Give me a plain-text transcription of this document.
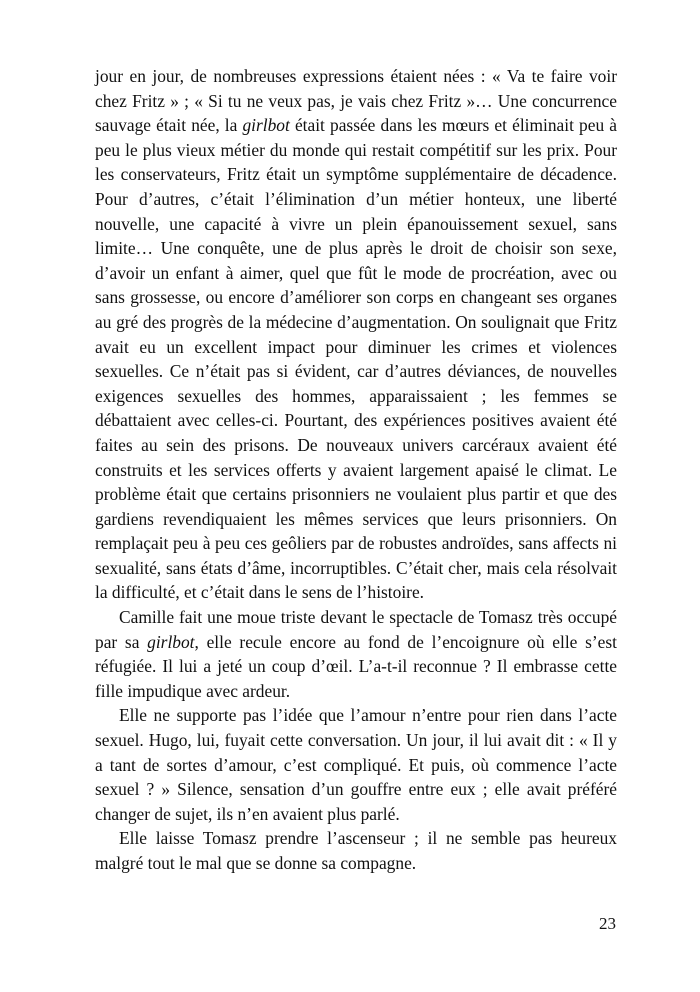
jour en jour, de nombreuses expressions étaient nées : « Va te faire voir chez Fritz » ; « Si tu ne veux pas, je vais chez Fritz »… Une concurrence sauvage était née, la girlbot était passée dans les mœurs et éliminait peu à peu le plus vieux métier du monde qui restait compétitif sur les prix. Pour les conservateurs, Fritz était un symptôme supplémentaire de décadence. Pour d’autres, c’était l’élimination d’un métier honteux, une liberté nouvelle, une capacité à vivre un plein épanouissement sexuel, sans limite… Une conquête, une de plus après le droit de choisir son sexe, d’avoir un enfant à aimer, quel que fût le mode de procréation, avec ou sans grossesse, ou encore d’améliorer son corps en changeant ses organes au gré des progrès de la médecine d’augmentation. On soulignait que Fritz avait eu un excellent impact pour diminuer les crimes et violences sexuelles. Ce n’était pas si évident, car d’autres déviances, de nouvelles exigences sexuelles des hommes, apparaissaient ; les femmes se débattaient avec celles-ci. Pourtant, des expériences positives avaient été faites au sein des prisons. De nouveaux univers carcéraux avaient été construits et les services offerts y avaient largement apaisé le climat. Le problème était que certains prisonniers ne voulaient plus partir et que des gardiens revendiquaient les mêmes services que leurs prisonniers. On remplaçait peu à peu ces geôliers par de robustes androïdes, sans affects ni sexualité, sans états d’âme, incorruptibles. C’était cher, mais cela résolvait la difficulté, et c’était dans le sens de l’histoire.

Camille fait une moue triste devant le spectacle de Tomasz très occupé par sa girlbot, elle recule encore au fond de l’encoignure où elle s’est réfugiée. Il lui a jeté un coup d’œil. L’a-t-il reconnue ? Il embrasse cette fille impudique avec ardeur.

Elle ne supporte pas l’idée que l’amour n’entre pour rien dans l’acte sexuel. Hugo, lui, fuyait cette conversation. Un jour, il lui avait dit : « Il y a tant de sortes d’amour, c’est compliqué. Et puis, où commence l’acte sexuel ? » Silence, sensation d’un gouffre entre eux ; elle avait préféré changer de sujet, ils n’en avaient plus parlé.

Elle laisse Tomasz prendre l’ascenseur ; il ne semble pas heureux malgré tout le mal que se donne sa compagne.

23
